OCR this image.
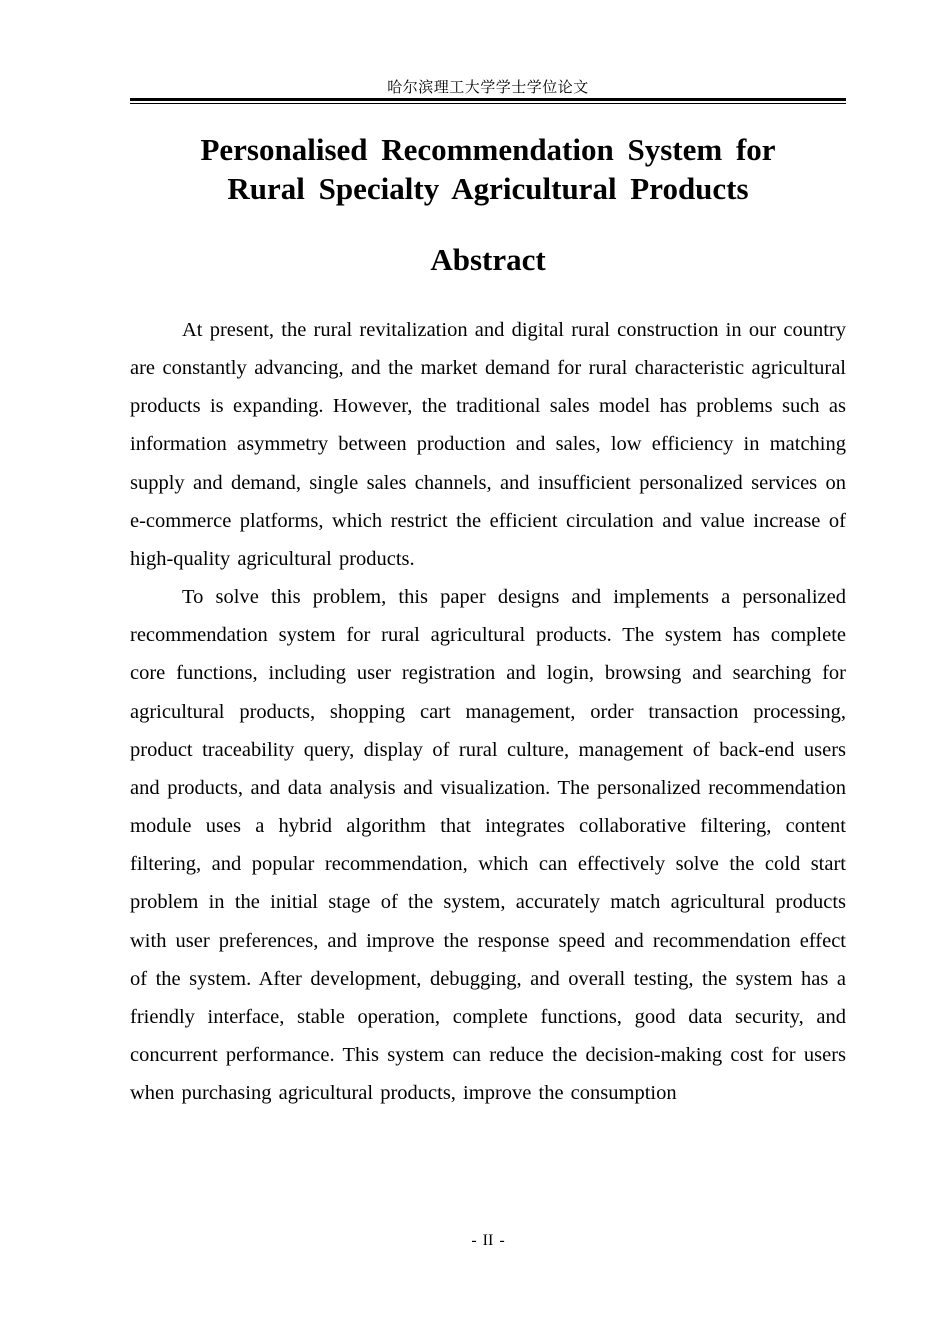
哈尔滨理工大学学士学位论文
Personalised Recommendation System for
Rural Specialty Agricultural Products
Abstract

At present, the rural revitalization and digital rural construction in our country are constantly advancing, and the market demand for rural characteristic agricultural products is expanding. However, the traditional sales model has problems such as information asymmetry between production and sales, low efficiency in matching supply and demand, single sales channels, and insufficient personalized services on e-commerce platforms, which restrict the efficient circulation and value increase of high-quality agricultural products.

To solve this problem, this paper designs and implements a personalized recommendation system for rural agricultural products. The system has complete core functions, including user registration and login, browsing and searching for agricultural products, shopping cart management, order transaction processing, product traceability query, display of rural culture, management of back-end users and products, and data analysis and visualization. The personalized recommendation module uses a hybrid algorithm that integrates collaborative filtering, content filtering, and popular recommendation, which can effectively solve the cold start problem in the initial stage of the system, accurately match agricultural products with user preferences, and improve the response speed and recommendation effect of the system. After development, debugging, and overall testing, the system has a friendly interface, stable operation, complete functions, good data security, and concurrent performance. This system can reduce the decision-making cost for users when purchasing agricultural products, improve the consumption

- II -
